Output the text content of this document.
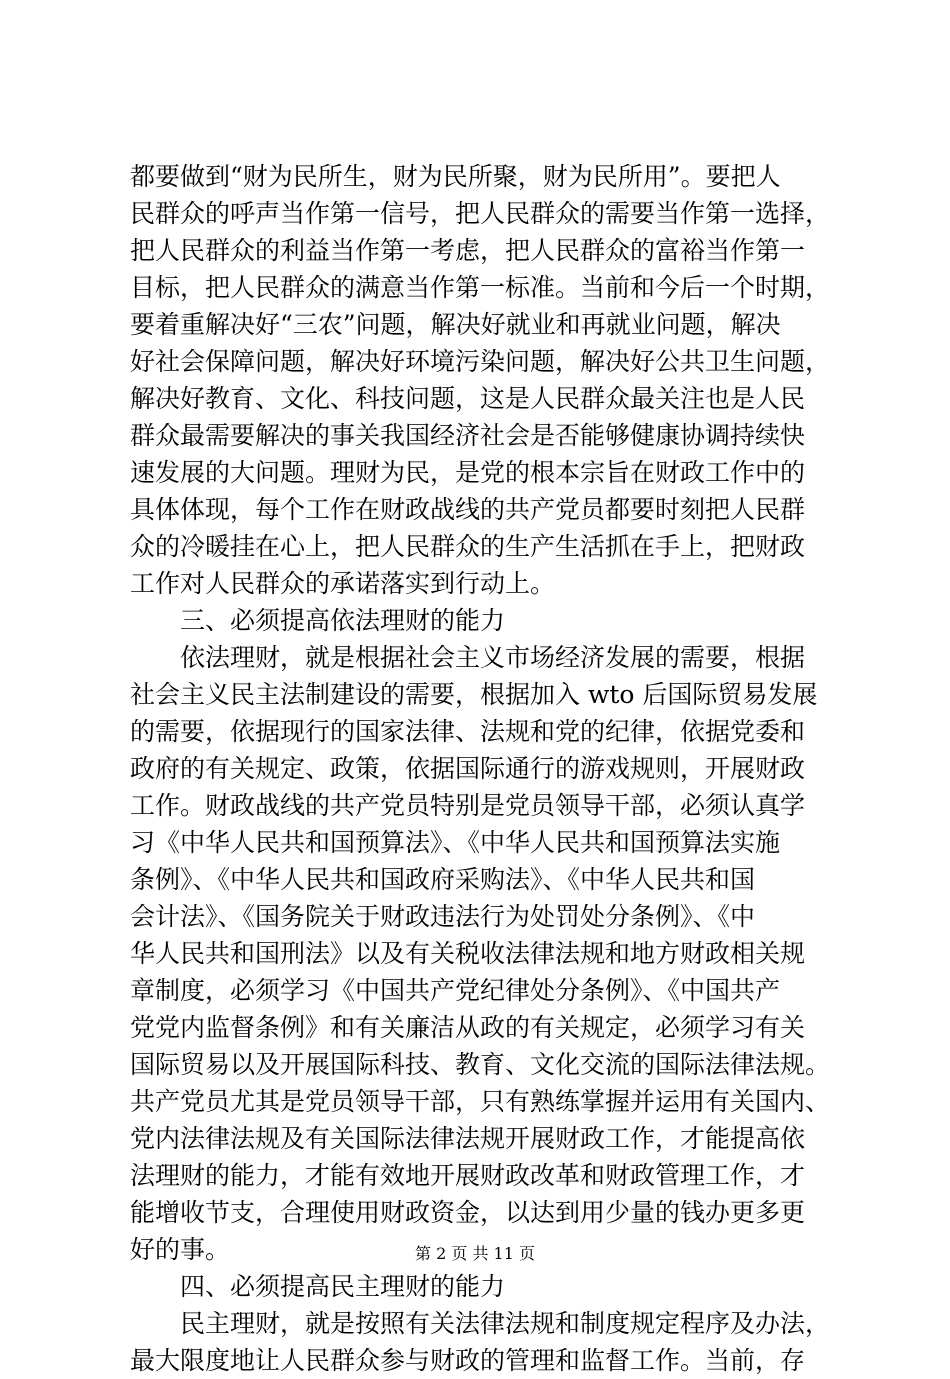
都要做到“财为民所生，财为民所聚，财为民所用”。要把人
民群众的呼声当作第一信号，把人民群众的需要当作第一选择，
把人民群众的利益当作第一考虑，把人民群众的富裕当作第一
目标，把人民群众的满意当作第一标准。当前和今后一个时期，
要着重解决好“三农”问题，解决好就业和再就业问题，解决
好社会保障问题，解决好环境污染问题，解决好公共卫生问题，
解决好教育、文化、科技问题，这是人民群众最关注也是人民
群众最需要解决的事关我国经济社会是否能够健康协调持续快
速发展的大问题。理财为民，是党的根本宗旨在财政工作中的
具体体现，每个工作在财政战线的共产党员都要时刻把人民群
众的冷暖挂在心上，把人民群众的生产生活抓在手上，把财政
工作对人民群众的承诺落实到行动上。
　　三、必须提高依法理财的能力
　　依法理财，就是根据社会主义市场经济发展的需要，根据
社会主义民主法制建设的需要，根据加入 wto 后国际贸易发展
的需要，依据现行的国家法律、法规和党的纪律，依据党委和
政府的有关规定、政策，依据国际通行的游戏规则，开展财政
工作。财政战线的共产党员特别是党员领导干部，必须认真学
习《中华人民共和国预算法》、《中华人民共和国预算法实施
条例》、《中华人民共和国政府采购法》、《中华人民共和国
会计法》、《国务院关于财政违法行为处罚处分条例》、《中
华人民共和国刑法》以及有关税收法律法规和地方财政相关规
章制度，必须学习《中国共产党纪律处分条例》、《中国共产
党党内监督条例》和有关廉洁从政的有关规定，必须学习有关
国际贸易以及开展国际科技、教育、文化交流的国际法律法规。
共产党员尤其是党员领导干部，只有熟练掌握并运用有关国内、
党内法律法规及有关国际法律法规开展财政工作，才能提高依
法理财的能力，才能有效地开展财政改革和财政管理工作，才
能增收节支，合理使用财政资金，以达到用少量的钱办更多更
好的事。
　　四、必须提高民主理财的能力
　　民主理财，就是按照有关法律法规和制度规定程序及办法，
最大限度地让人民群众参与财政的管理和监督工作。当前，存
第 2 页 共 11 页
